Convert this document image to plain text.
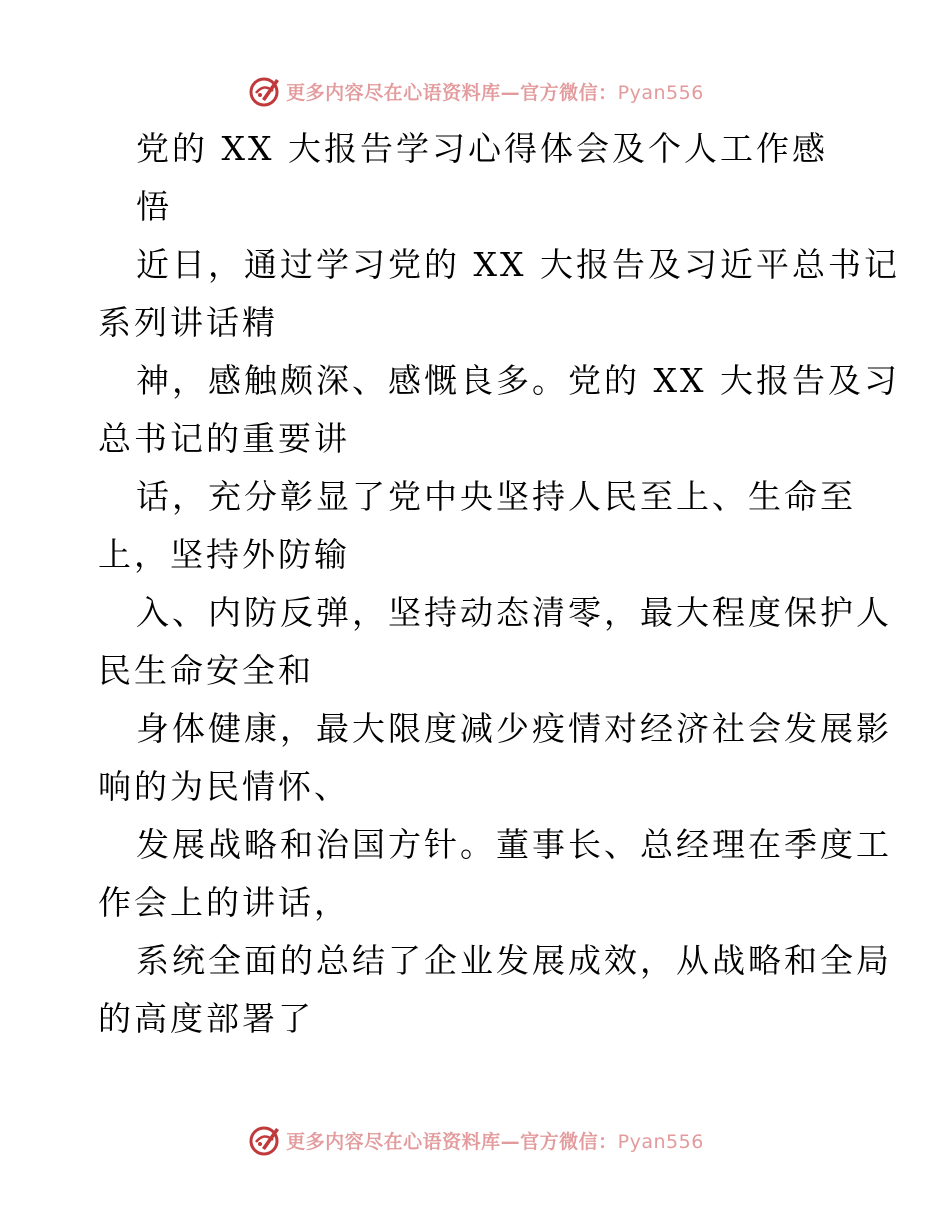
更多内容尽在心语资料库—官方微信：Pyan556
党的 XX 大报告学习心得体会及个人工作感
悟
近日，通过学习党的 XX 大报告及习近平总书记
系列讲话精
神，感触颇深、感慨良多。党的 XX 大报告及习
总书记的重要讲
话，充分彰显了党中央坚持人民至上、生命至
上，坚持外防输
入、内防反弹，坚持动态清零，最大程度保护人
民生命安全和
身体健康，最大限度减少疫情对经济社会发展影
响的为民情怀、
发展战略和治国方针。董事长、总经理在季度工
作会上的讲话，
系统全面的总结了企业发展成效，从战略和全局
的高度部署了
更多内容尽在心语资料库—官方微信：Pyan556
